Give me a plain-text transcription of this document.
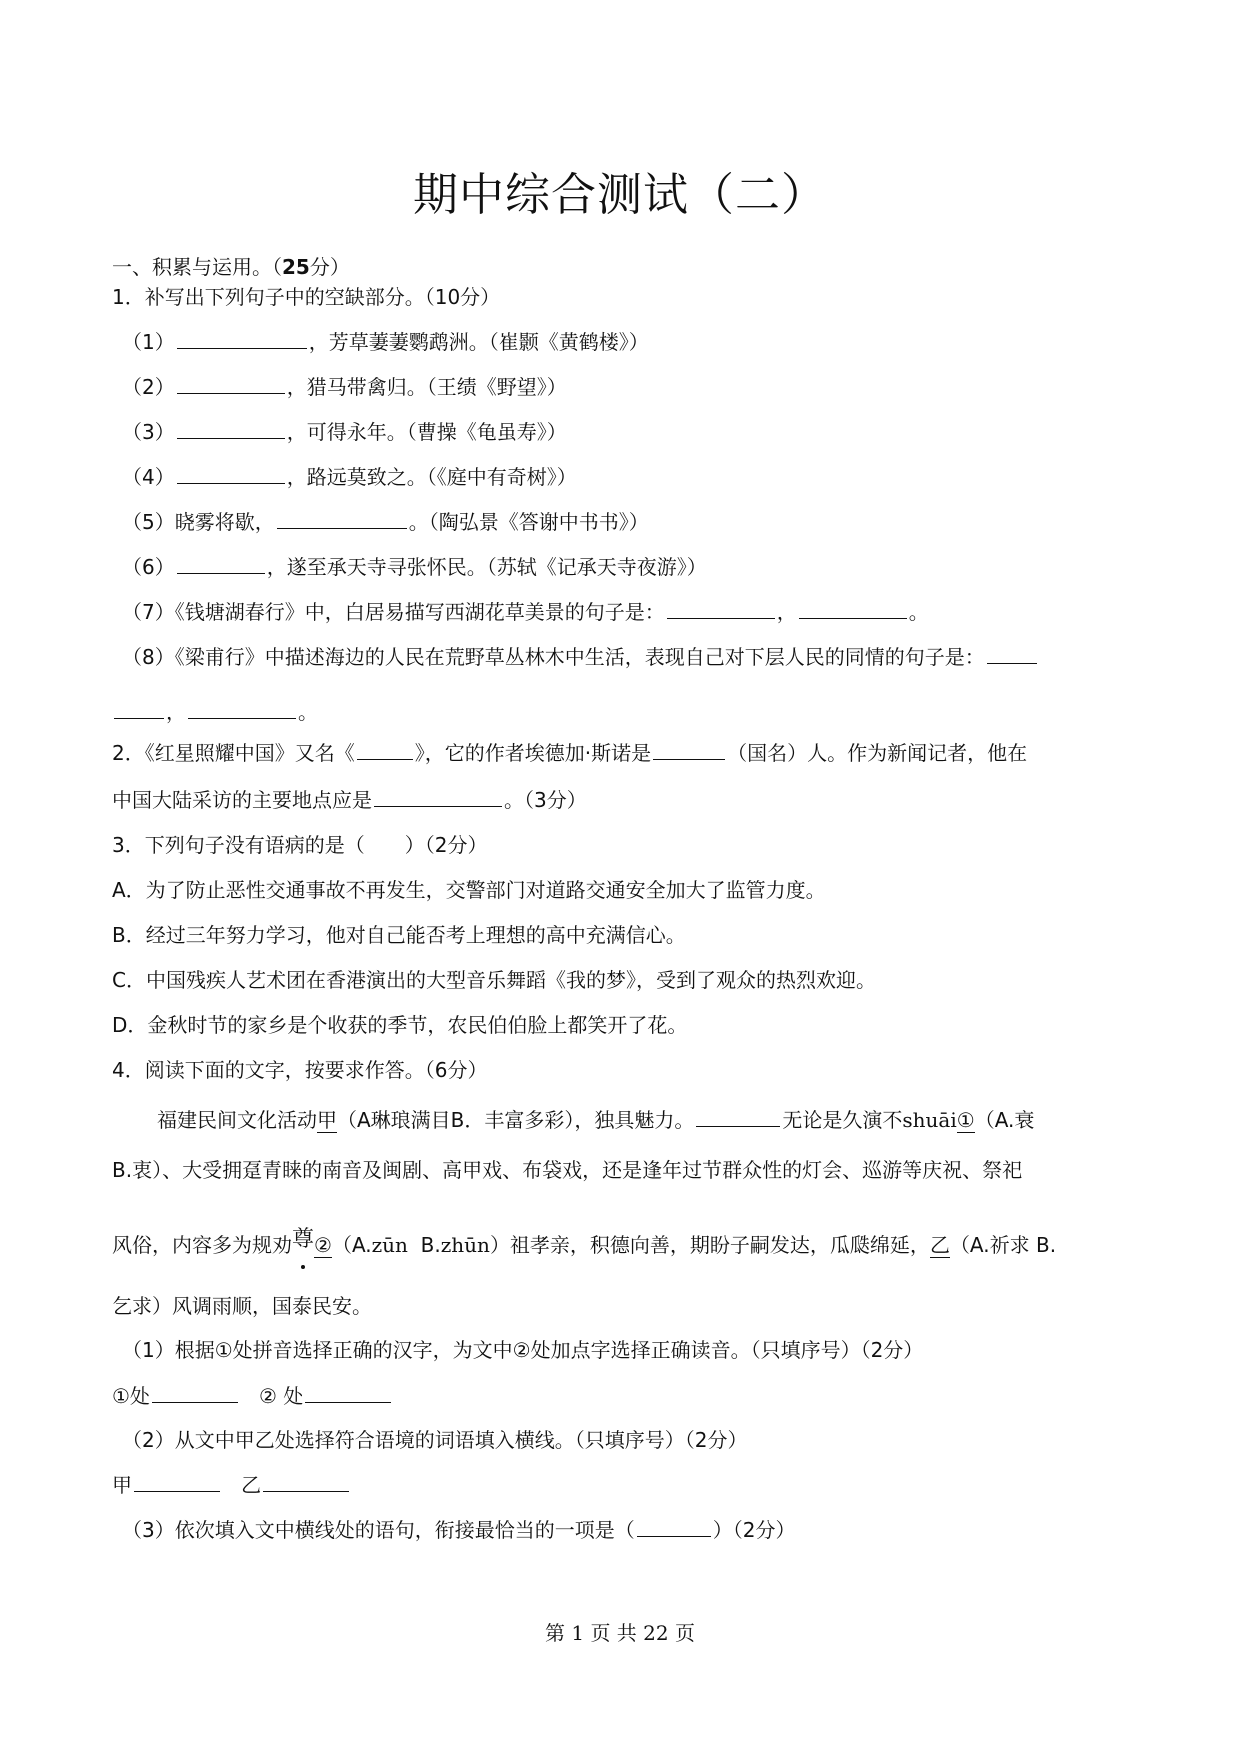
期中综合测试（二）
一、积累与运用。（25分）
1．补写出下列句子中的空缺部分。（10分）
（1）	，芳草萋萋鹦鹉洲。（崔颢《黄鹤楼》）
（2）	，猎马带禽归。（王绩《野望》）
（3）	，可得永年。（曹操《龟虽寿》）
（4）	，路远莫致之。（《庭中有奇树》）
（5）晓雾将歇，	。（陶弘景《答谢中书书》）
（6）	，遂至承天寺寻张怀民。（苏轼《记承天寺夜游》）
（7）《钱塘湖春行》中，白居易描写西湖花草美景的句子是：	，	。
（8）《梁甫行》中描述海边的人民在荒野草丛林木中生活，表现自己对下层人民的同情的句子是：
，	。
2．《红星照耀中国》又名《	》，它的作者埃德加·斯诺是	（国名）人。作为新闻记者，他在
中国大陆采访的主要地点应是	。（3分）
3．下列句子没有语病的是（　　）（2分）
A．为了防止恶性交通事故不再发生，交警部门对道路交通安全加大了监管力度。
B．经过三年努力学习，他对自己能否考上理想的高中充满信心。
C．中国残疾人艺术团在香港演出的大型音乐舞蹈《我的梦》，受到了观众的热烈欢迎。
D．金秋时节的家乡是个收获的季节，农民伯伯脸上都笑开了花。
4．阅读下面的文字，按要求作答。（6分）
福建民间文化活动甲（A琳琅满目B．丰富多彩），独具魅力。	无论是久演不shuāi①（A.衰
B.衷）、大受拥趸青睐的南音及闽剧、高甲戏、布袋戏，还是逢年过节群众性的灯会、巡游等庆祝、祭祀
风俗，内容多为规劝尊②（A.zūn B.zhūn）祖孝亲，积德向善，期盼子嗣发达，瓜瓞绵延，乙（A.祈求 B.
乞求）风调雨顺，国泰民安。
（1）根据①处拼音选择正确的汉字，为文中②处加点字选择正确读音。（只填序号）（2分）
①处	② 处
（2）从文中甲乙处选择符合语境的词语填入横线。（只填序号）（2分）
甲	乙
（3）依次填入文中横线处的语句，衔接最恰当的一项是（	）（2分）
第 1 页 共 22 页
